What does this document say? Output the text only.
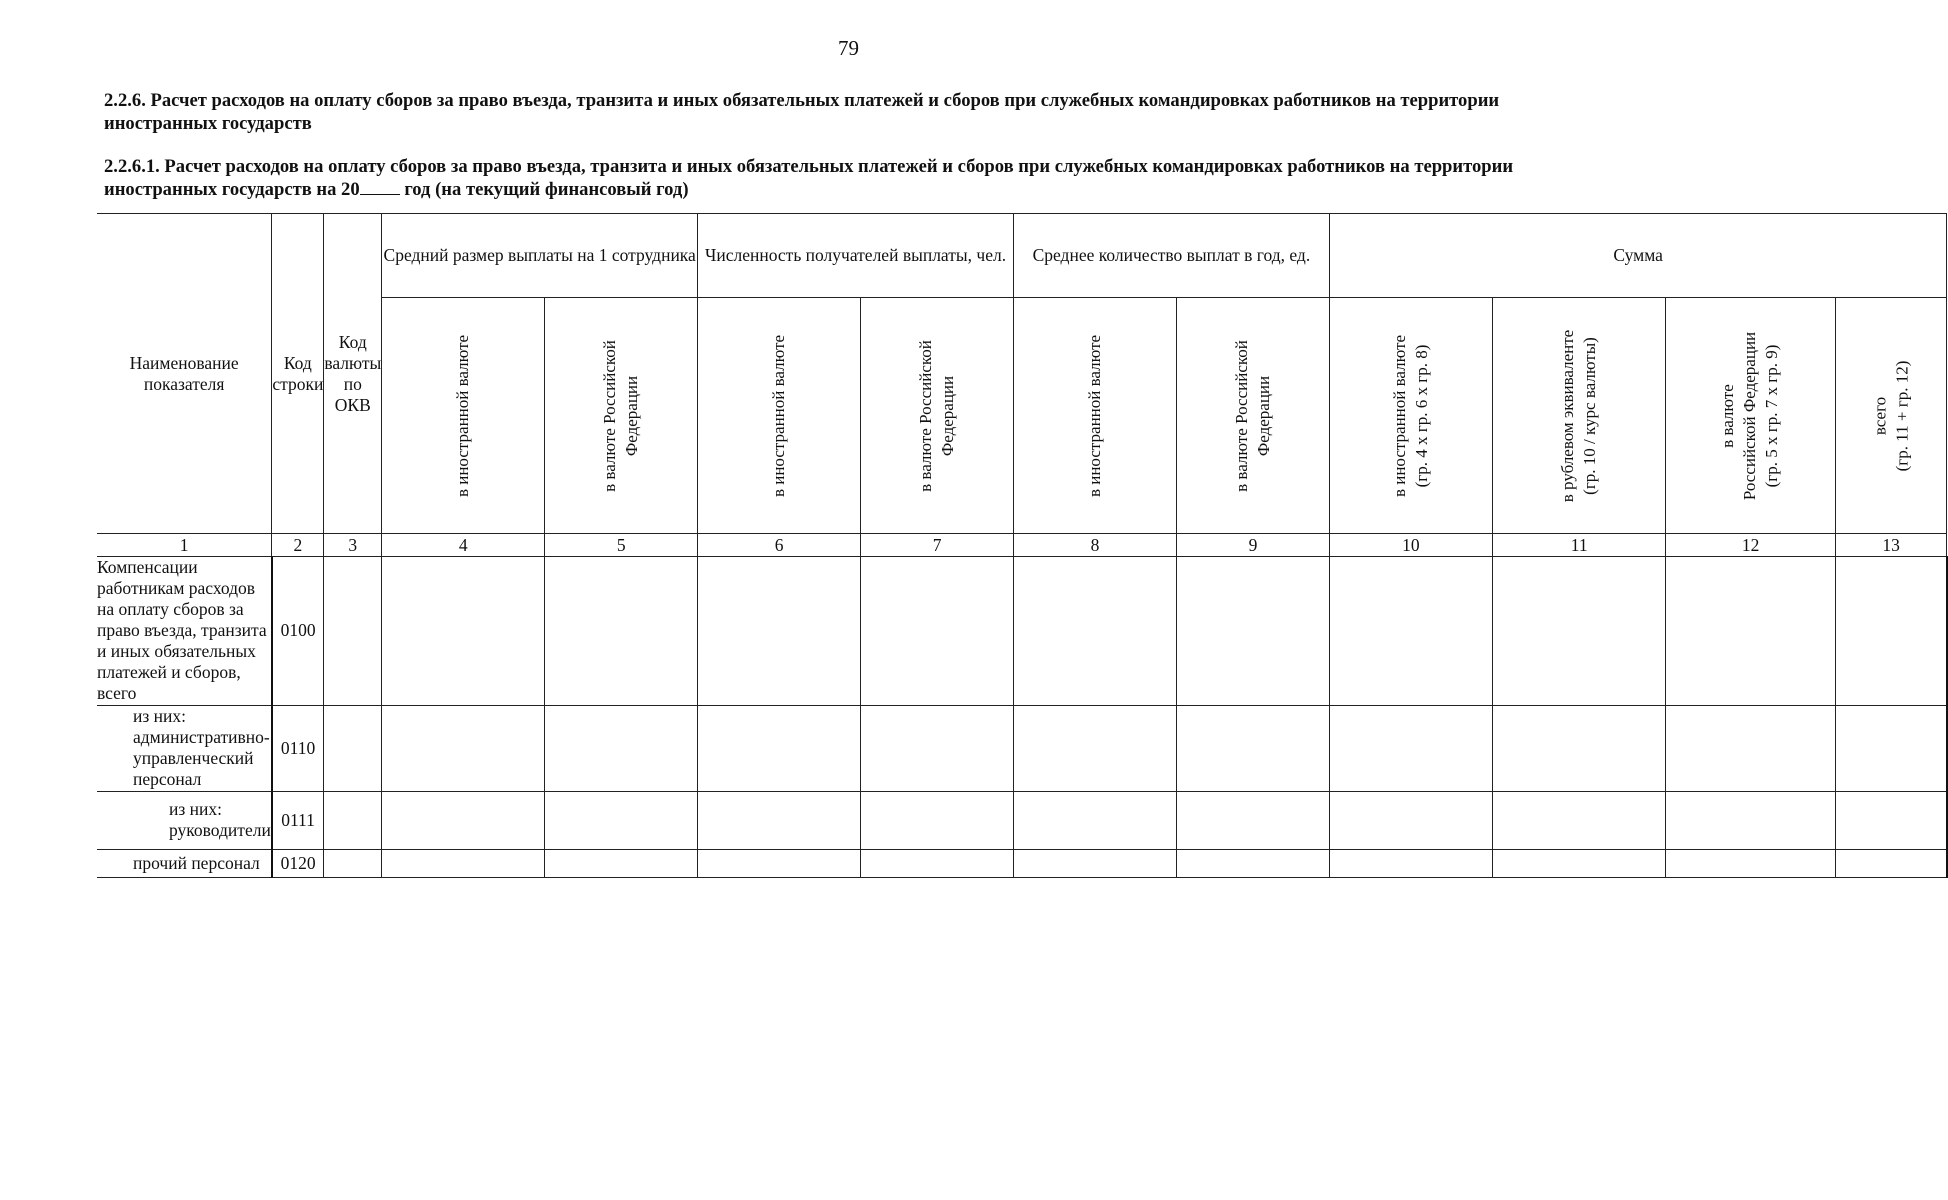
79
2.2.6. Расчет расходов на оплату сборов за право въезда, транзита и иных обязательных платежей и сборов при служебных командировках работников на территории иностранных государств
2.2.6.1. Расчет расходов на оплату сборов за право въезда, транзита и иных обязательных платежей и сборов при служебных командировках работников на территории иностранных государств на 20 год (на текущий финансовый год)
Наименование показателя	Код строки	Код валюты по ОКВ	Средний размер выплаты на 1 сотрудника		Численность получателей выплаты, чел.		Среднее количество выплат в год, ед.		Сумма			
			в иностранной валюте	в валюте Российской Федерации	в иностранной валюте	в валюте Российской Федерации	в иностранной валюте	в валюте Российской Федерации	в иностранной валюте (гр. 4 х гр. 6 х гр. 8)	в рублевом эквиваленте (гр. 10 / курс валюты)	в валюте Российской Федерации (гр. 5 х гр. 7 х гр. 9)	всего (гр. 11 + гр. 12)
1	2	3	4	5	6	7	8	9	10	11	12	13
Компенсации работникам расходов на оплату сборов за право въезда, транзита и иных обязательных платежей и сборов, всего	0100											

из них:
административно-управленческий персонал	0110											

из них:
руководители	0111											

прочий персонал	0120											
